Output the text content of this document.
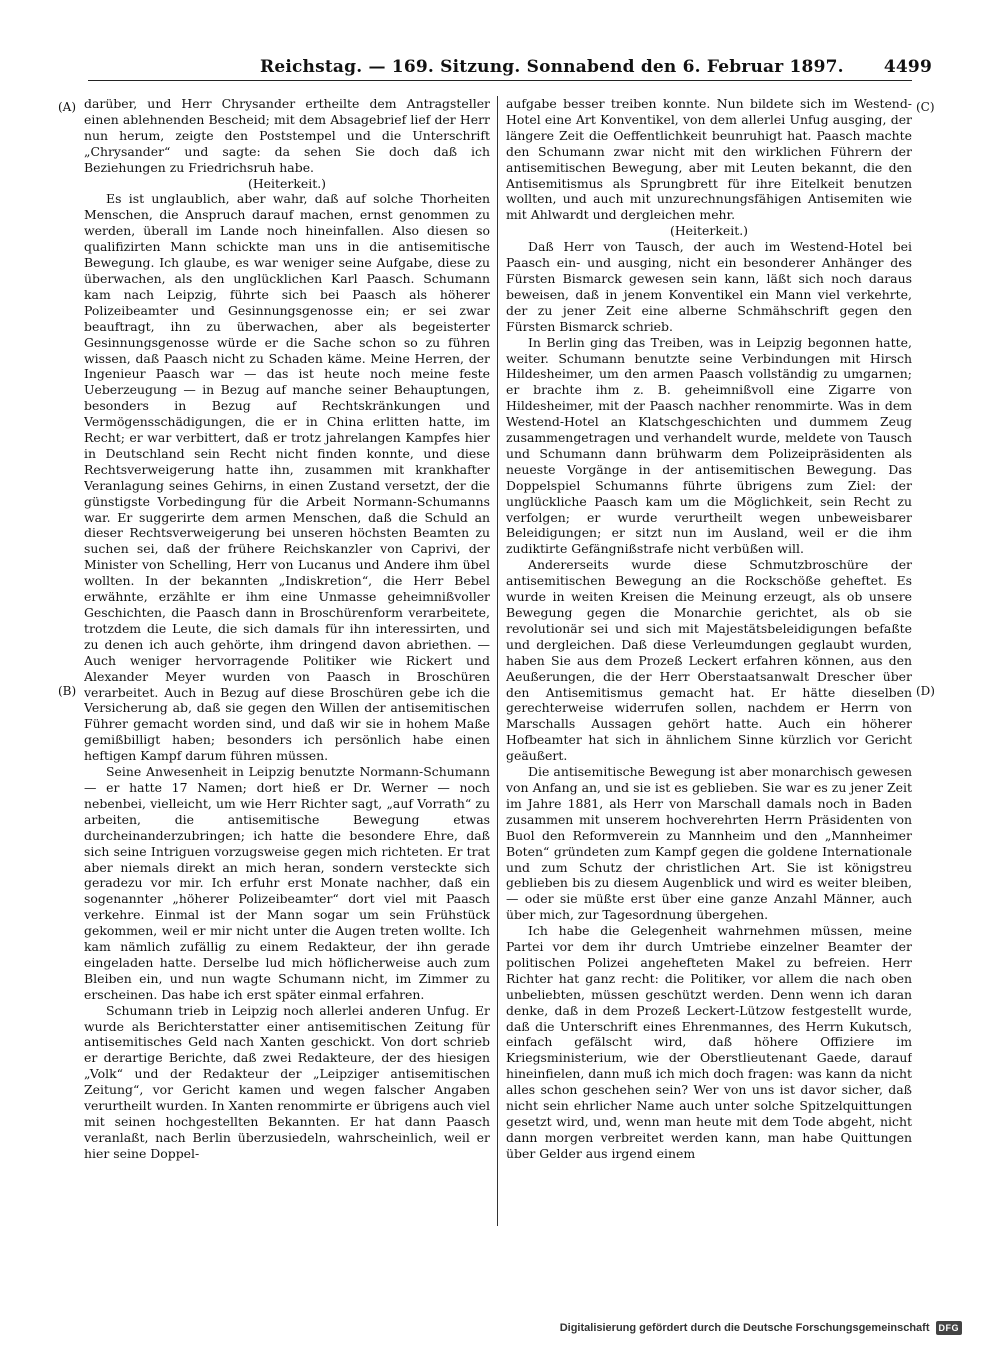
Reichstag. — 169. Sitzung. Sonnabend den 6. Februar 1897. 4499
(A)
(B)
(C)
(D)

darüber, und Herr Chrysander ertheilte dem Antragsteller einen ablehnenden Bescheid; mit dem Absagebrief lief der Herr nun herum, zeigte den Poststempel und die Unterschrift „Chrysander“ und sagte: da sehen Sie doch daß ich Beziehungen zu Friedrichsruh habe.

(Heiterkeit.)

Es ist unglaublich, aber wahr, daß auf solche Thorheiten Menschen, die Anspruch darauf machen, ernst genommen zu werden, überall im Lande noch hineinfallen. Also diesen so qualifizirten Mann schickte man uns in die antisemitische Bewegung. Ich glaube, es war weniger seine Aufgabe, diese zu überwachen, als den unglücklichen Karl Paasch. Schumann kam nach Leipzig, führte sich bei Paasch als höherer Polizeibeamter und Gesinnungsgenosse ein; er sei zwar beauftragt, ihn zu überwachen, aber als begeisterter Gesinnungsgenosse würde er die Sache schon so zu führen wissen, daß Paasch nicht zu Schaden käme. Meine Herren, der Ingenieur Paasch war — das ist heute noch meine feste Ueberzeugung — in Bezug auf manche seiner Behauptungen, besonders in Bezug auf Rechtskränkungen und Vermögensschädigungen, die er in China erlitten hatte, im Recht; er war verbittert, daß er trotz jahrelangen Kampfes hier in Deutschland sein Recht nicht finden konnte, und diese Rechtsverweigerung hatte ihn, zusammen mit krankhafter Veranlagung seines Gehirns, in einen Zustand versetzt, der die günstigste Vorbedingung für die Arbeit Normann-Schumanns war. Er suggerirte dem armen Menschen, daß die Schuld an dieser Rechtsverweigerung bei unseren höchsten Beamten zu suchen sei, daß der frühere Reichskanzler von Caprivi, der Minister von Schelling, Herr von Lucanus und Andere ihm übel wollten. In der bekannten „Indiskretion“, die Herr Bebel erwähnte, erzählte er ihm eine Unmasse geheimnißvoller Geschichten, die Paasch dann in Broschürenform verarbeitete, trotzdem die Leute, die sich damals für ihn interessirten, und zu denen ich auch gehörte, ihm dringend davon abriethen. — Auch weniger hervorragende Politiker wie Rickert und Alexander Meyer wurden von Paasch in Broschüren verarbeitet. Auch in Bezug auf diese Broschüren gebe ich die Versicherung ab, daß sie gegen den Willen der antisemitischen Führer gemacht worden sind, und daß wir sie in hohem Maße gemißbilligt haben; besonders ich persönlich habe einen heftigen Kampf darum führen müssen.

Seine Anwesenheit in Leipzig benutzte Normann-Schumann — er hatte 17 Namen; dort hieß er Dr. Werner — noch nebenbei, vielleicht, um wie Herr Richter sagt, „auf Vorrath“ zu arbeiten, die antisemitische Bewegung etwas durcheinanderzubringen; ich hatte die besondere Ehre, daß sich seine Intriguen vorzugsweise gegen mich richteten. Er trat aber niemals direkt an mich heran, sondern versteckte sich geradezu vor mir. Ich erfuhr erst Monate nachher, daß ein sogenannter „höherer Polizeibeamter“ dort viel mit Paasch verkehre. Einmal ist der Mann sogar um sein Frühstück gekommen, weil er mir nicht unter die Augen treten wollte. Ich kam nämlich zufällig zu einem Redakteur, der ihn gerade eingeladen hatte. Derselbe lud mich höflicherweise auch zum Bleiben ein, und nun wagte Schumann nicht, im Zimmer zu erscheinen. Das habe ich erst später einmal erfahren.

Schumann trieb in Leipzig noch allerlei anderen Unfug. Er wurde als Berichterstatter einer antisemitischen Zeitung für antisemitisches Geld nach Xanten geschickt. Von dort schrieb er derartige Berichte, daß zwei Redakteure, der des hiesigen „Volk“ und der Redakteur der „Leipziger antisemitischen Zeitung“, vor Gericht kamen und wegen falscher Angaben verurtheilt wurden. In Xanten renommirte er übrigens auch viel mit seinen hochgestellten Bekannten. Er hat dann Paasch veranlaßt, nach Berlin überzusiedeln, wahrscheinlich, weil er hier seine Doppel-

aufgabe besser treiben konnte. Nun bildete sich im Westend-Hotel eine Art Konventikel, von dem allerlei Unfug ausging, der längere Zeit die Oeffentlichkeit beunruhigt hat. Paasch machte den Schumann zwar nicht mit den wirklichen Führern der antisemitischen Bewegung, aber mit Leuten bekannt, die den Antisemitismus als Sprungbrett für ihre Eitelkeit benutzen wollten, und auch mit unzurechnungsfähigen Antisemiten wie mit Ahlwardt und dergleichen mehr.

(Heiterkeit.)

Daß Herr von Tausch, der auch im Westend-Hotel bei Paasch ein- und ausging, nicht ein besonderer Anhänger des Fürsten Bismarck gewesen sein kann, läßt sich noch daraus beweisen, daß in jenem Konventikel ein Mann viel verkehrte, der zu jener Zeit eine alberne Schmähschrift gegen den Fürsten Bismarck schrieb.

In Berlin ging das Treiben, was in Leipzig begonnen hatte, weiter. Schumann benutzte seine Verbindungen mit Hirsch Hildesheimer, um den armen Paasch vollständig zu umgarnen; er brachte ihm z. B. geheimnißvoll eine Zigarre von Hildesheimer, mit der Paasch nachher renommirte. Was in dem Westend-Hotel an Klatschgeschichten und dummem Zeug zusammengetragen und verhandelt wurde, meldete von Tausch und Schumann dann brühwarm dem Polizeipräsidenten als neueste Vorgänge in der antisemitischen Bewegung. Das Doppelspiel Schumanns führte übrigens zum Ziel: der unglückliche Paasch kam um die Möglichkeit, sein Recht zu verfolgen; er wurde verurtheilt wegen unbeweisbarer Beleidigungen; er sitzt nun im Ausland, weil er die ihm zudiktirte Gefängnißstrafe nicht verbüßen will.

Andererseits wurde diese Schmutzbroschüre der antisemitischen Bewegung an die Rockschöße geheftet. Es wurde in weiten Kreisen die Meinung erzeugt, als ob unsere Bewegung gegen die Monarchie gerichtet, als ob sie revolutionär sei und sich mit Majestätsbeleidigungen befaßte und dergleichen. Daß diese Verleumdungen geglaubt wurden, haben Sie aus dem Prozeß Leckert erfahren können, aus den Aeußerungen, die der Herr Oberstaatsanwalt Drescher über den Antisemitismus gemacht hat. Er hätte dieselben gerechterweise widerrufen sollen, nachdem er Herrn von Marschalls Aussagen gehört hatte. Auch ein höherer Hofbeamter hat sich in ähnlichem Sinne kürzlich vor Gericht geäußert.

Die antisemitische Bewegung ist aber monarchisch gewesen von Anfang an, und sie ist es geblieben. Sie war es zu jener Zeit im Jahre 1881, als Herr von Marschall damals noch in Baden zusammen mit unserem hochverehrten Herrn Präsidenten von Buol den Reformverein zu Mannheim und den „Mannheimer Boten“ gründeten zum Kampf gegen die goldene Internationale und zum Schutz der christlichen Art. Sie ist königstreu geblieben bis zu diesem Augenblick und wird es weiter bleiben, — oder sie müßte erst über eine ganze Anzahl Männer, auch über mich, zur Tagesordnung übergehen.

Ich habe die Gelegenheit wahrnehmen müssen, meine Partei vor dem ihr durch Umtriebe einzelner Beamter der politischen Polizei angehefteten Makel zu befreien. Herr Richter hat ganz recht: die Politiker, vor allem die nach oben unbeliebten, müssen geschützt werden. Denn wenn ich daran denke, daß in dem Prozeß Leckert-Lützow festgestellt wurde, daß die Unterschrift eines Ehrenmannes, des Herrn Kukutsch, einfach gefälscht wird, daß höhere Offiziere im Kriegsministerium, wie der Oberstlieutenant Gaede, darauf hineinfielen, dann muß ich mich doch fragen: was kann da nicht alles schon geschehen sein? Wer von uns ist davor sicher, daß nicht sein ehrlicher Name auch unter solche Spitzelquittungen gesetzt wird, und, wenn man heute mit dem Tode abgeht, nicht dann morgen verbreitet werden kann, man habe Quittungen über Gelder aus irgend einem

Digitalisierung gefördert durch die Deutsche Forschungsgemeinschaft	DFG
